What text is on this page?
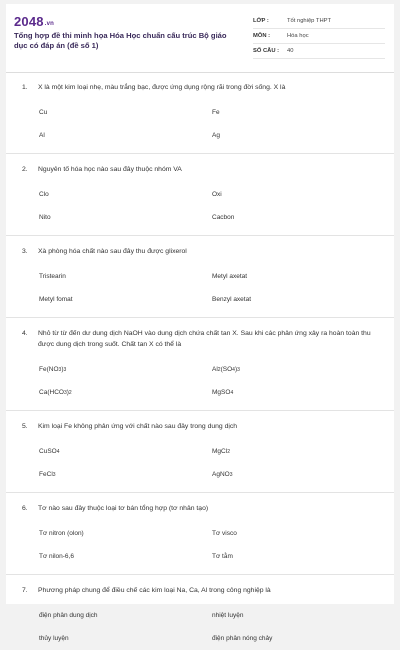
2048.vn
Tổng hợp đề thi minh họa Hóa Học chuẩn cấu trúc Bộ giáo dục có đáp án (đề số 1)
LỚP :	Tốt nghiệp THPT
MÔN :	Hóa học
SỐ CÂU :	40
1.	X là một kim loại nhẹ, màu trắng bạc, được ứng dụng rộng rãi trong đời sống. X là
Cu	Fe
Al	Ag
2.	Nguyên tố hóa học nào sau đây thuộc nhóm VA
Clo	Oxi
Nito	Cacbon
3.	Xà phòng hóa chất nào sau đây thu được glixerol
Tristearin	Metyl axetat
Metyl fomat	Benzyl axetat
4.	Nhỏ từ từ đến dư dung dịch NaOH vào dung dịch chứa chất tan X. Sau khi các phản ứng xảy ra hoàn toàn thu được dung dịch trong suốt. Chất tan X có thể là
Fe(NO 3 ) 3	Al 2 (SO 4 ) 3
Ca(HCO 3 ) 2	MgSO 4
5.	Kim loại Fe không phản ứng với chất nào sau đây trong dung dịch
CuSO 4	MgCl 2
FeCl 3	AgNO 3
6.	Tơ nào sau đây thuộc loại tơ bán tổng hợp (tơ nhân tạo)
Tơ nitron (olon)	Tơ visco
Tơ nilon-6,6	Tơ tằm
7.	Phương pháp chung để điều chế các kim loại Na, Ca, Al trong công nghiệp là
điện phân dung dịch	nhiệt luyện
thủy luyện	điện phân nóng chảy
